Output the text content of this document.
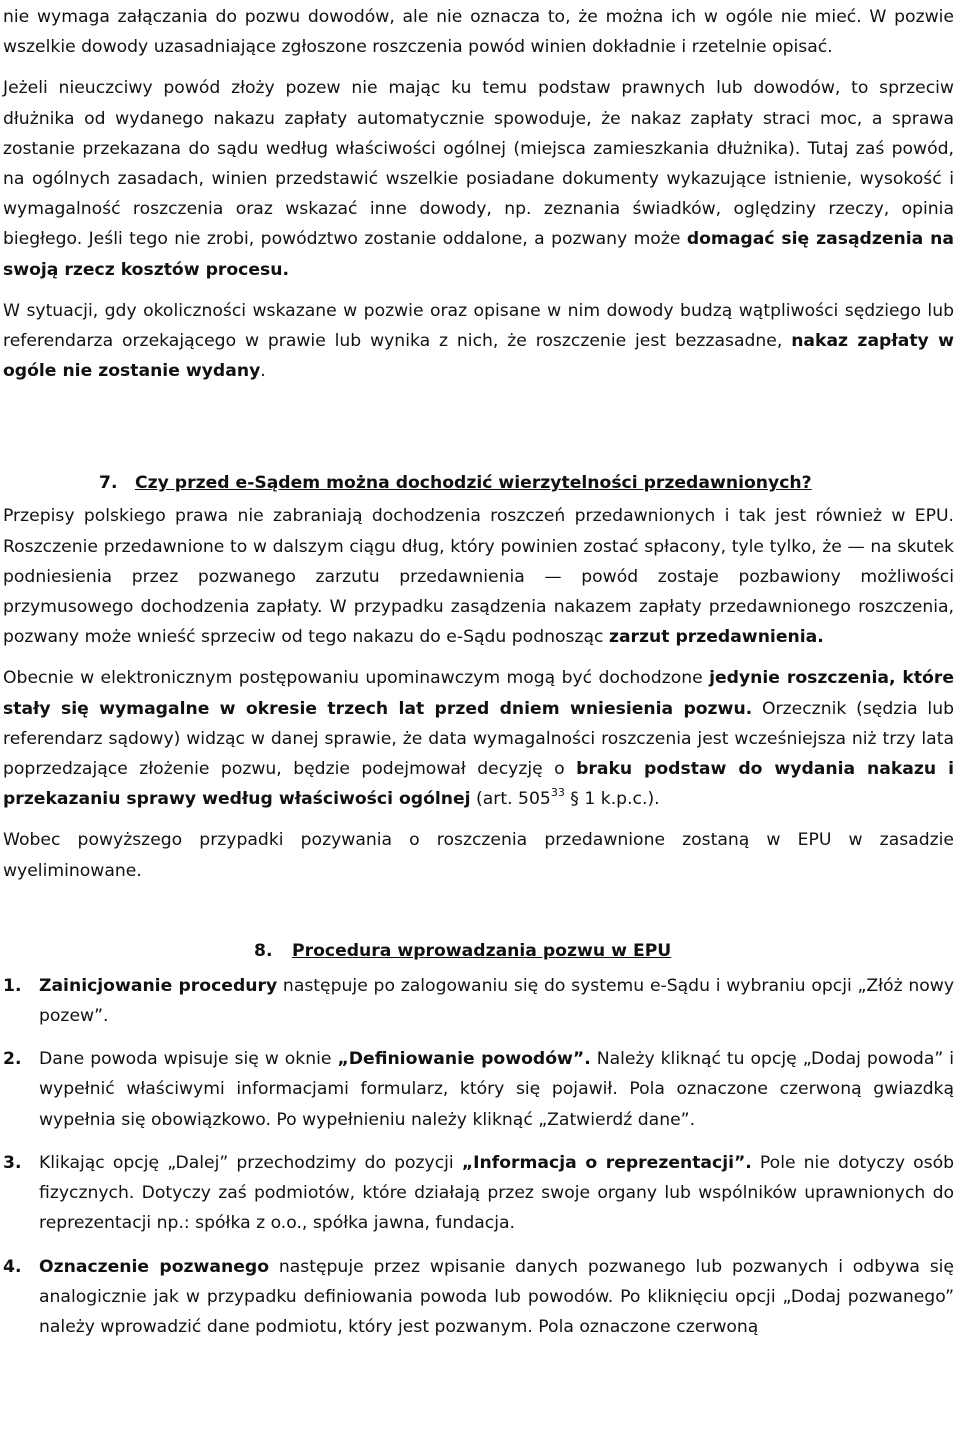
nie wymaga załączania do pozwu dowodów, ale nie oznacza to, że można ich w ogóle nie mieć. W pozwie wszelkie dowody uzasadniające zgłoszone roszczenia powód winien dokładnie i rzetelnie opisać.

Jeżeli nieuczciwy powód złoży pozew nie mając ku temu podstaw prawnych lub dowodów, to sprzeciw dłużnika od wydanego nakazu zapłaty automatycznie spowoduje, że nakaz zapłaty straci moc, a sprawa zostanie przekazana do sądu według właściwości ogólnej (miejsca zamieszkania dłużnika). Tutaj zaś powód, na ogólnych zasadach, winien przedstawić wszelkie posiadane dokumenty wykazujące istnienie, wysokość i wymagalność roszczenia oraz wskazać inne dowody, np. zeznania świadków, oględziny rzeczy, opinia biegłego. Jeśli tego nie zrobi, powództwo zostanie oddalone, a pozwany może domagać się zasądzenia na swoją rzecz kosztów procesu.

W sytuacji, gdy okoliczności wskazane w pozwie oraz opisane w nim dowody budzą wątpliwości sędziego lub referendarza orzekającego w prawie lub wynika z nich, że roszczenie jest bezzasadne, nakaz zapłaty w ogóle nie zostanie wydany.

7. Czy przed e-Sądem można dochodzić wierzytelności przedawnionych?

Przepisy polskiego prawa nie zabraniają dochodzenia roszczeń przedawnionych i tak jest również w EPU. Roszczenie przedawnione to w dalszym ciągu dług, który powinien zostać spłacony, tyle tylko, że — na skutek podniesienia przez pozwanego zarzutu przedawnienia — powód zostaje pozbawiony możliwości przymusowego dochodzenia zapłaty. W przypadku zasądzenia nakazem zapłaty przedawnionego roszczenia, pozwany może wnieść sprzeciw od tego nakazu do e-Sądu podnosząc zarzut przedawnienia.

Obecnie w elektronicznym postępowaniu upominawczym mogą być dochodzone jedynie roszczenia, które stały się wymagalne w okresie trzech lat przed dniem wniesienia pozwu. Orzecznik (sędzia lub referendarz sądowy) widząc w danej sprawie, że data wymagalności roszczenia jest wcześniejsza niż trzy lata poprzedzające złożenie pozwu, będzie podejmował decyzję o braku podstaw do wydania nakazu i przekazaniu sprawy według właściwości ogólnej (art. $505^{33}$ § 1 k.p.c.).

Wobec powyższego przypadki pozywania o roszczenia przedawnione zostaną w EPU w zasadzie wyeliminowane.

8. Procedura wprowadzania pozwu w EPU
1. Zainicjowanie procedury następuje po zalogowaniu się do systemu e-Sądu i wybraniu opcji „Złóż nowy pozew”.
2. Dane powoda wpisuje się w oknie „Definiowanie powodów”. Należy kliknąć tu opcję „Dodaj powoda” i wypełnić właściwymi informacjami formularz, który się pojawił. Pola oznaczone czerwoną gwiazdką wypełnia się obowiązkowo. Po wypełnieniu należy kliknąć „Zatwierdź dane”.
3. Klikając opcję „Dalej” przechodzimy do pozycji „Informacja o reprezentacji”. Pole nie dotyczy osób fizycznych. Dotyczy zaś podmiotów, które działają przez swoje organy lub wspólników uprawnionych do reprezentacji np.: spółka z o.o., spółka jawna, fundacja.
4. Oznaczenie pozwanego następuje przez wpisanie danych pozwanego lub pozwanych i odbywa się analogicznie jak w przypadku definiowania powoda lub powodów. Po kliknięciu opcji „Dodaj pozwanego” należy wprowadzić dane podmiotu, który jest pozwanym. Pola oznaczone czerwoną
